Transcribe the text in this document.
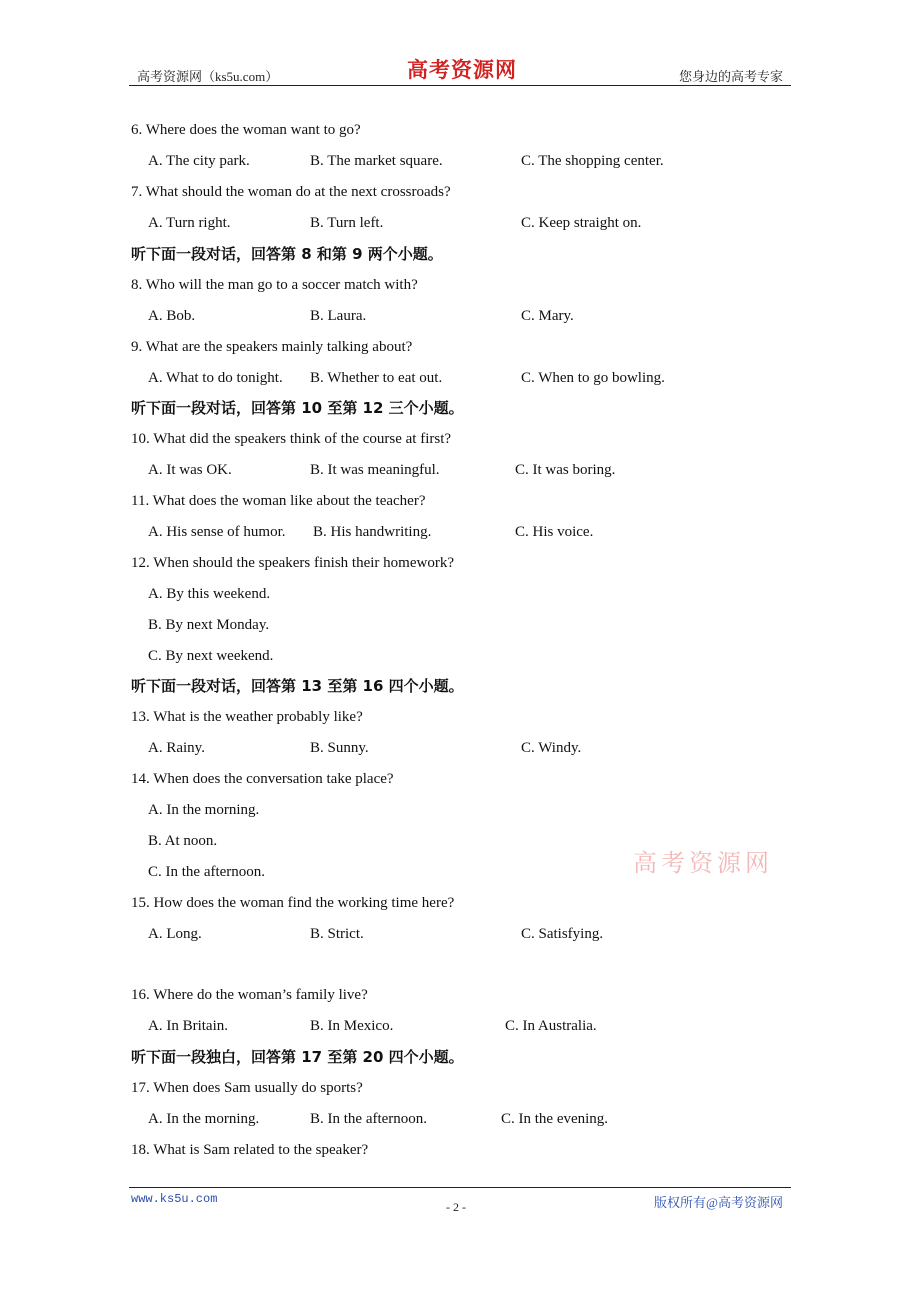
高考资源网（ks5u.com）	高考资源网	您身边的高考专家
高考资源网
6. Where does the woman want to go?
A. The city park.	B. The market square.	C. The shopping center.
7. What should the woman do at the next crossroads?
A. Turn right.	B. Turn left.	C. Keep straight on.
听下面一段对话，回答第 8 和第 9 两个小题。
8. Who will the man go to a soccer match with?
A. Bob.	B. Laura.	C. Mary.
9. What are the speakers mainly talking about?
A. What to do tonight. B. Whether to eat out.	C. When to go bowling.
听下面一段对话，回答第 10 至第 12 三个小题。
10. What did the speakers think of the course at first?
A. It was OK.	B. It was meaningful.	C. It was boring.
11. What does the woman like about the teacher?
A. His sense of humor. B. His handwriting.	C. His voice.
12. When should the speakers finish their homework?
A. By this weekend.
B. By next Monday.
C. By next weekend.
听下面一段对话，回答第 13 至第 16 四个小题。
13. What is the weather probably like?
A. Rainy.	B. Sunny.	C. Windy.
14. When does the conversation take place?
A. In the morning.
B. At noon.
C. In the afternoon.
15. How does the woman find the working time here?
A. Long.	B. Strict.	C. Satisfying.
16. Where do the woman’s family live?
A. In Britain.	B. In Mexico.	C. In Australia.
听下面一段独白，回答第 17 至第 20 四个小题。
17. When does Sam usually do sports?
A. In the morning.	B. In the afternoon.	C. In the evening.
18. What is Sam related to the speaker?
www.ks5u.com
- 2 -	版权所有@高考资源网
